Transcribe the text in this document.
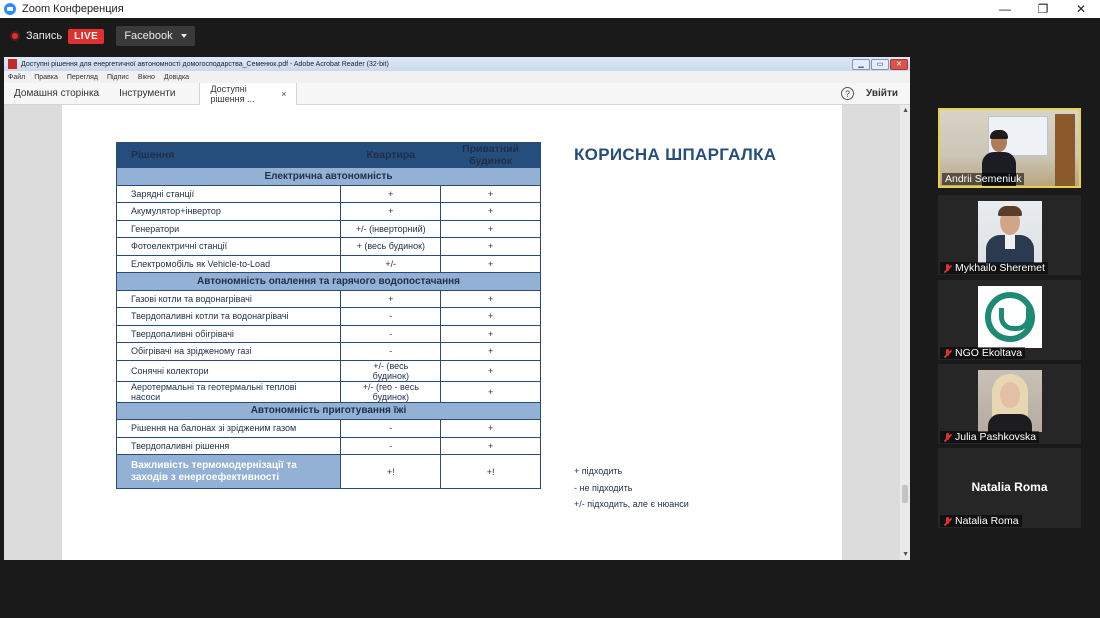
Zoom Конференция	—	❐	✕
Запись	LIVE	Facebook
Доступні рішення для енергетичної автономності домогосподарства_Семенюк.pdf - Adobe Acrobat Reader (32-bit)	▁	▭	✕
Файл Правка Перегляд Підпис Вікно Довідка
Домашня сторінка	Інструменти	Доступні рішення ...	×	?	Увійти
Рішення	Квартира	Приватний будинок
Електрична автономність		
Зарядні станції	+	+
Акумулятор+інвертор	+	+
Генератори	+/- (інверторний)	+
Фотоелектричні станції	+ (весь будинок)	+
Електромобіль як Vehicle-to-Load	+/-	+
Автономність опалення та гарячого водопостачання		
Газові котли та водонагрівачі	+	+
Твердопаливні котли та водонагрівачі	-	+
Твердопаливні обігрівачі	-	+
Обігрівачі на зрідженому газі	-	+
Сонячні колектори	+/- (весь будинок)	+
Аеротермальні та геотермальні теплові насоси	+/- (гео - весь будинок)	+
Автономність приготування їжі		
Рішення на балонах зі зрідженим газом	-	+
Твердопаливні рішення	-	+
Важливість термомодернізації та заходів з енергоефективності	+!	+!
КОРИСНА ШПАРГАЛКА
+ підходить
- не підходить
+/- підходить, але є нюанси
▲
▼
Andrii Semeniuk
Mykhailo Sheremet
NGO Ekoltava
Julia Pashkovska
Natalia Roma
Natalia Roma
